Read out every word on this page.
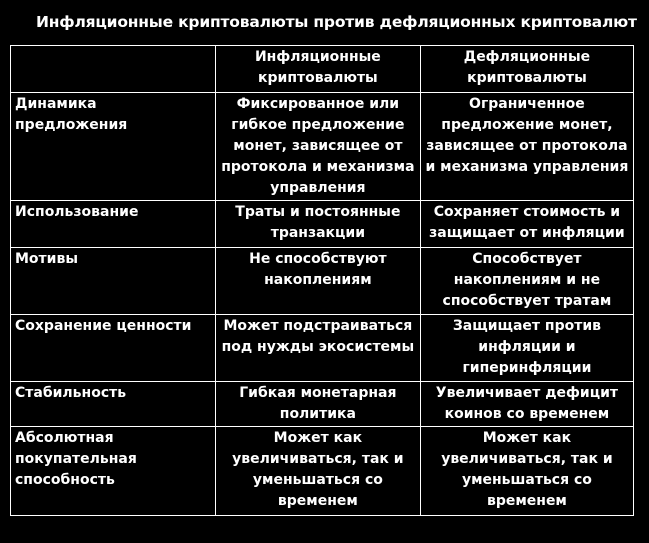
Инфляционные криптовалюты против дефляционных криптовалют
	Инфляционные криптовалюты	Дефляционные криптовалюты
Динамика предложения	Фиксированное или гибкое предложение монет, зависящее от протокола и механизма управления	Ограниченное предложение монет, зависящее от протокола и механизма управления
Использование	Траты и постоянные транзакции	Сохраняет стоимость и защищает от инфляции
Мотивы	Не способствуют накоплениям	Способствует накоплениям и не способствует тратам
Сохранение ценности	Может подстраиваться под нужды экосистемы	Защищает против инфляции и гиперинфляции
Стабильность	Гибкая монетарная политика	Увеличивает дефицит коинов со временем
Абсолютная покупательная способность	Может как увеличиваться, так и уменьшаться со временем	Может как увеличиваться, так и уменьшаться со временем
